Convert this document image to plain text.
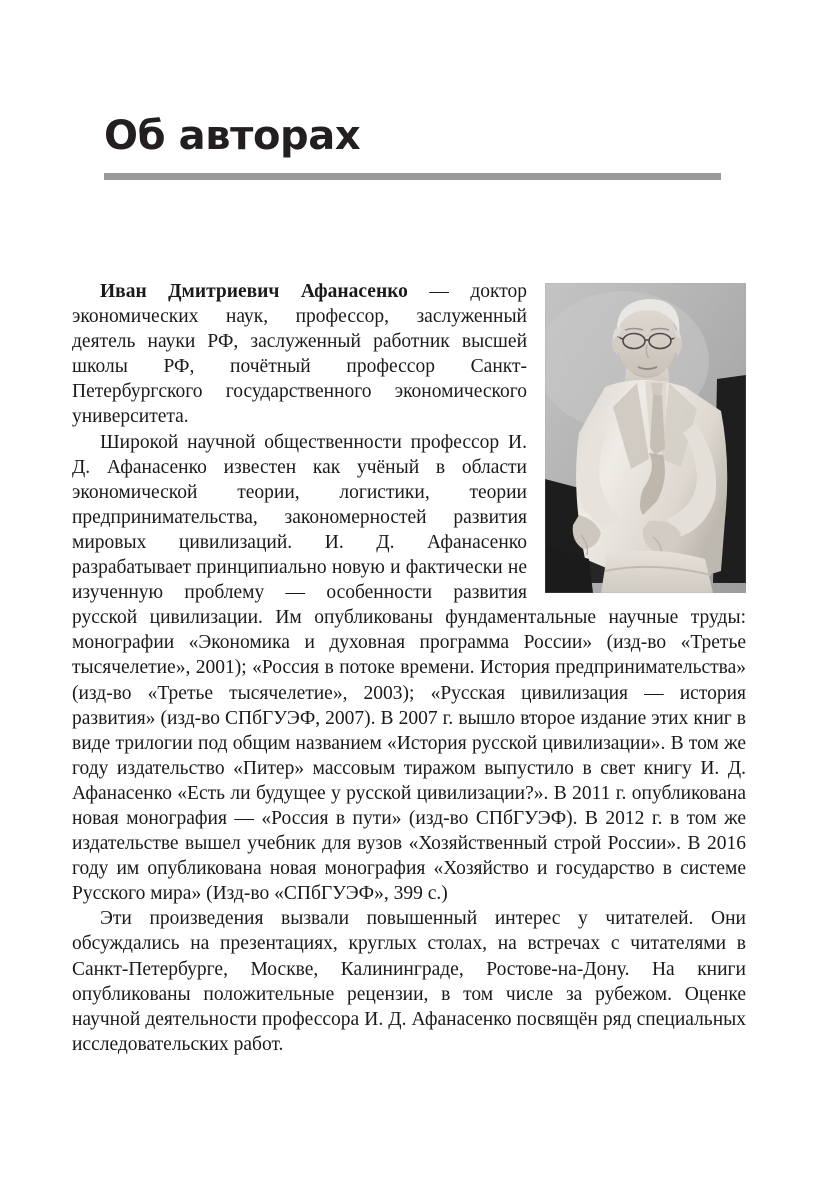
Об авторах

Иван Дмитриевич Афанасенко — доктор экономических наук, профессор, заслуженный деятель науки РФ, заслуженный работник высшей школы РФ, почётный профессор Санкт-Петербургского государственного экономического университета.

Широкой научной общественности профессор И. Д. Афанасенко известен как учёный в области экономической теории, логистики, теории предпринимательства, закономерностей развития мировых цивилизаций. И. Д. Афанасенко разрабатывает принципиально новую и фактически не изученную проблему — особенности развития русской цивилизации. Им опубликованы фундаментальные научные труды: монографии «Экономика и духовная программа России» (изд-во «Третье тысячелетие», 2001); «Россия в потоке времени. История предпринимательства» (изд-во «Третье тысячелетие», 2003); «Русская цивилизация — история развития» (изд-во СПбГУЭФ, 2007). В 2007 г. вышло второе издание этих книг в виде трилогии под общим названием «История русской цивилизации». В том же году издательство «Питер» массовым тиражом выпустило в свет книгу И. Д. Афанасенко «Есть ли будущее у русской цивилизации?». В 2011 г. опубликована новая монография — «Россия в пути» (изд-во СПбГУЭФ). В 2012 г. в том же издательстве вышел учебник для вузов «Хозяйственный строй России». В 2016 году им опубликована новая монография «Хозяйство и государство в системе Русского мира» (Изд-во «СПбГУЭФ», 399 с.)

Эти произведения вызвали повышенный интерес у читателей. Они обсуждались на презентациях, круглых столах, на встречах с читателями в Санкт-Петербурге, Москве, Калининграде, Ростове-на-Дону. На книги опубликованы положительные рецензии, в том числе за рубежом. Оценке научной деятельности профессора И. Д. Афанасенко посвящён ряд специальных исследовательских работ.
